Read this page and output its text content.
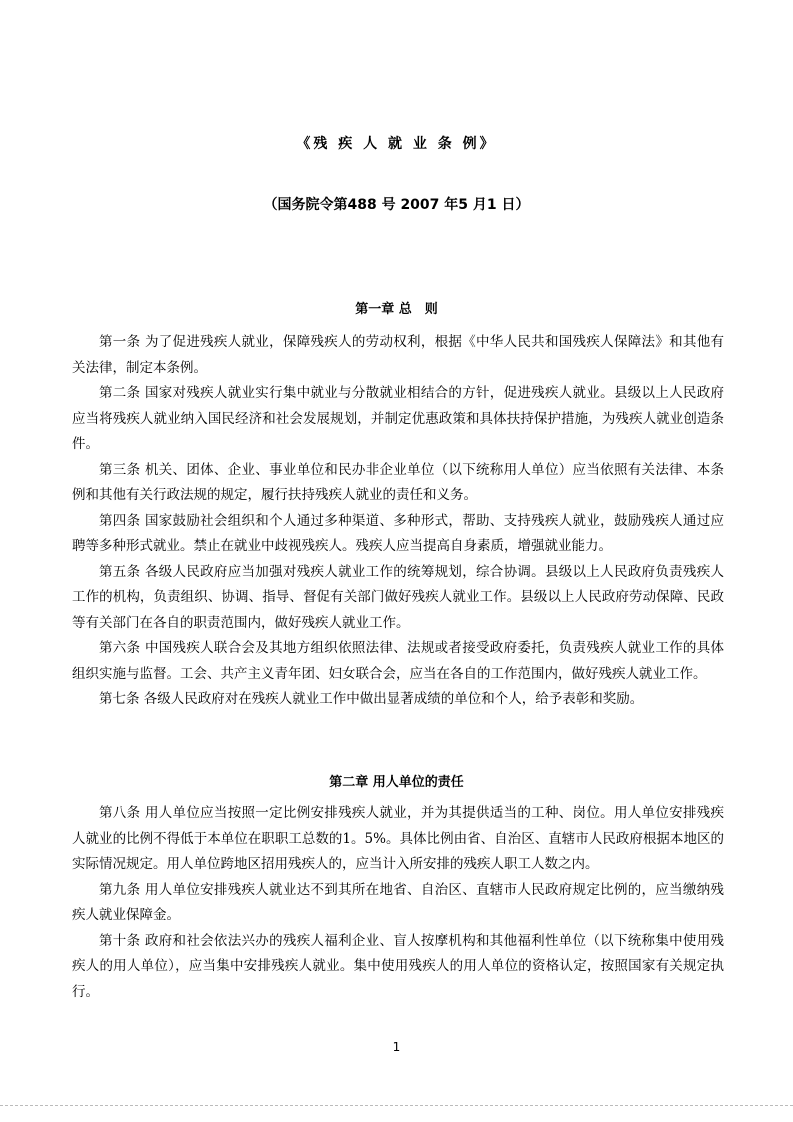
《残 疾 人 就 业 条 例》
（国务院令第488 号 2007 年5 月1 日）
第一章 总　则

第一条 为了促进残疾人就业，保障残疾人的劳动权利，根据《中华人民共和国残疾人保障法》和其他有关法律，制定本条例。

第二条 国家对残疾人就业实行集中就业与分散就业相结合的方针，促进残疾人就业。县级以上人民政府应当将残疾人就业纳入国民经济和社会发展规划，并制定优惠政策和具体扶持保护措施，为残疾人就业创造条件。

第三条 机关、团体、企业、事业单位和民办非企业单位（以下统称用人单位）应当依照有关法律、本条例和其他有关行政法规的规定，履行扶持残疾人就业的责任和义务。

第四条 国家鼓励社会组织和个人通过多种渠道、多种形式，帮助、支持残疾人就业，鼓励残疾人通过应聘等多种形式就业。禁止在就业中歧视残疾人。残疾人应当提高自身素质，增强就业能力。

第五条 各级人民政府应当加强对残疾人就业工作的统筹规划，综合协调。县级以上人民政府负责残疾人工作的机构，负责组织、协调、指导、督促有关部门做好残疾人就业工作。县级以上人民政府劳动保障、民政等有关部门在各自的职责范围内，做好残疾人就业工作。

第六条 中国残疾人联合会及其地方组织依照法律、法规或者接受政府委托，负责残疾人就业工作的具体组织实施与监督。工会、共产主义青年团、妇女联合会，应当在各自的工作范围内，做好残疾人就业工作。

第七条 各级人民政府对在残疾人就业工作中做出显著成绩的单位和个人，给予表彰和奖励。

第二章 用人单位的责任

第八条 用人单位应当按照一定比例安排残疾人就业，并为其提供适当的工种、岗位。用人单位安排残疾人就业的比例不得低于本单位在职职工总数的1。5%。具体比例由省、自治区、直辖市人民政府根据本地区的实际情况规定。用人单位跨地区招用残疾人的，应当计入所安排的残疾人职工人数之内。

第九条 用人单位安排残疾人就业达不到其所在地省、自治区、直辖市人民政府规定比例的，应当缴纳残疾人就业保障金。

第十条 政府和社会依法兴办的残疾人福利企业、盲人按摩机构和其他福利性单位（以下统称集中使用残疾人的用人单位），应当集中安排残疾人就业。集中使用残疾人的用人单位的资格认定，按照国家有关规定执行。

1
